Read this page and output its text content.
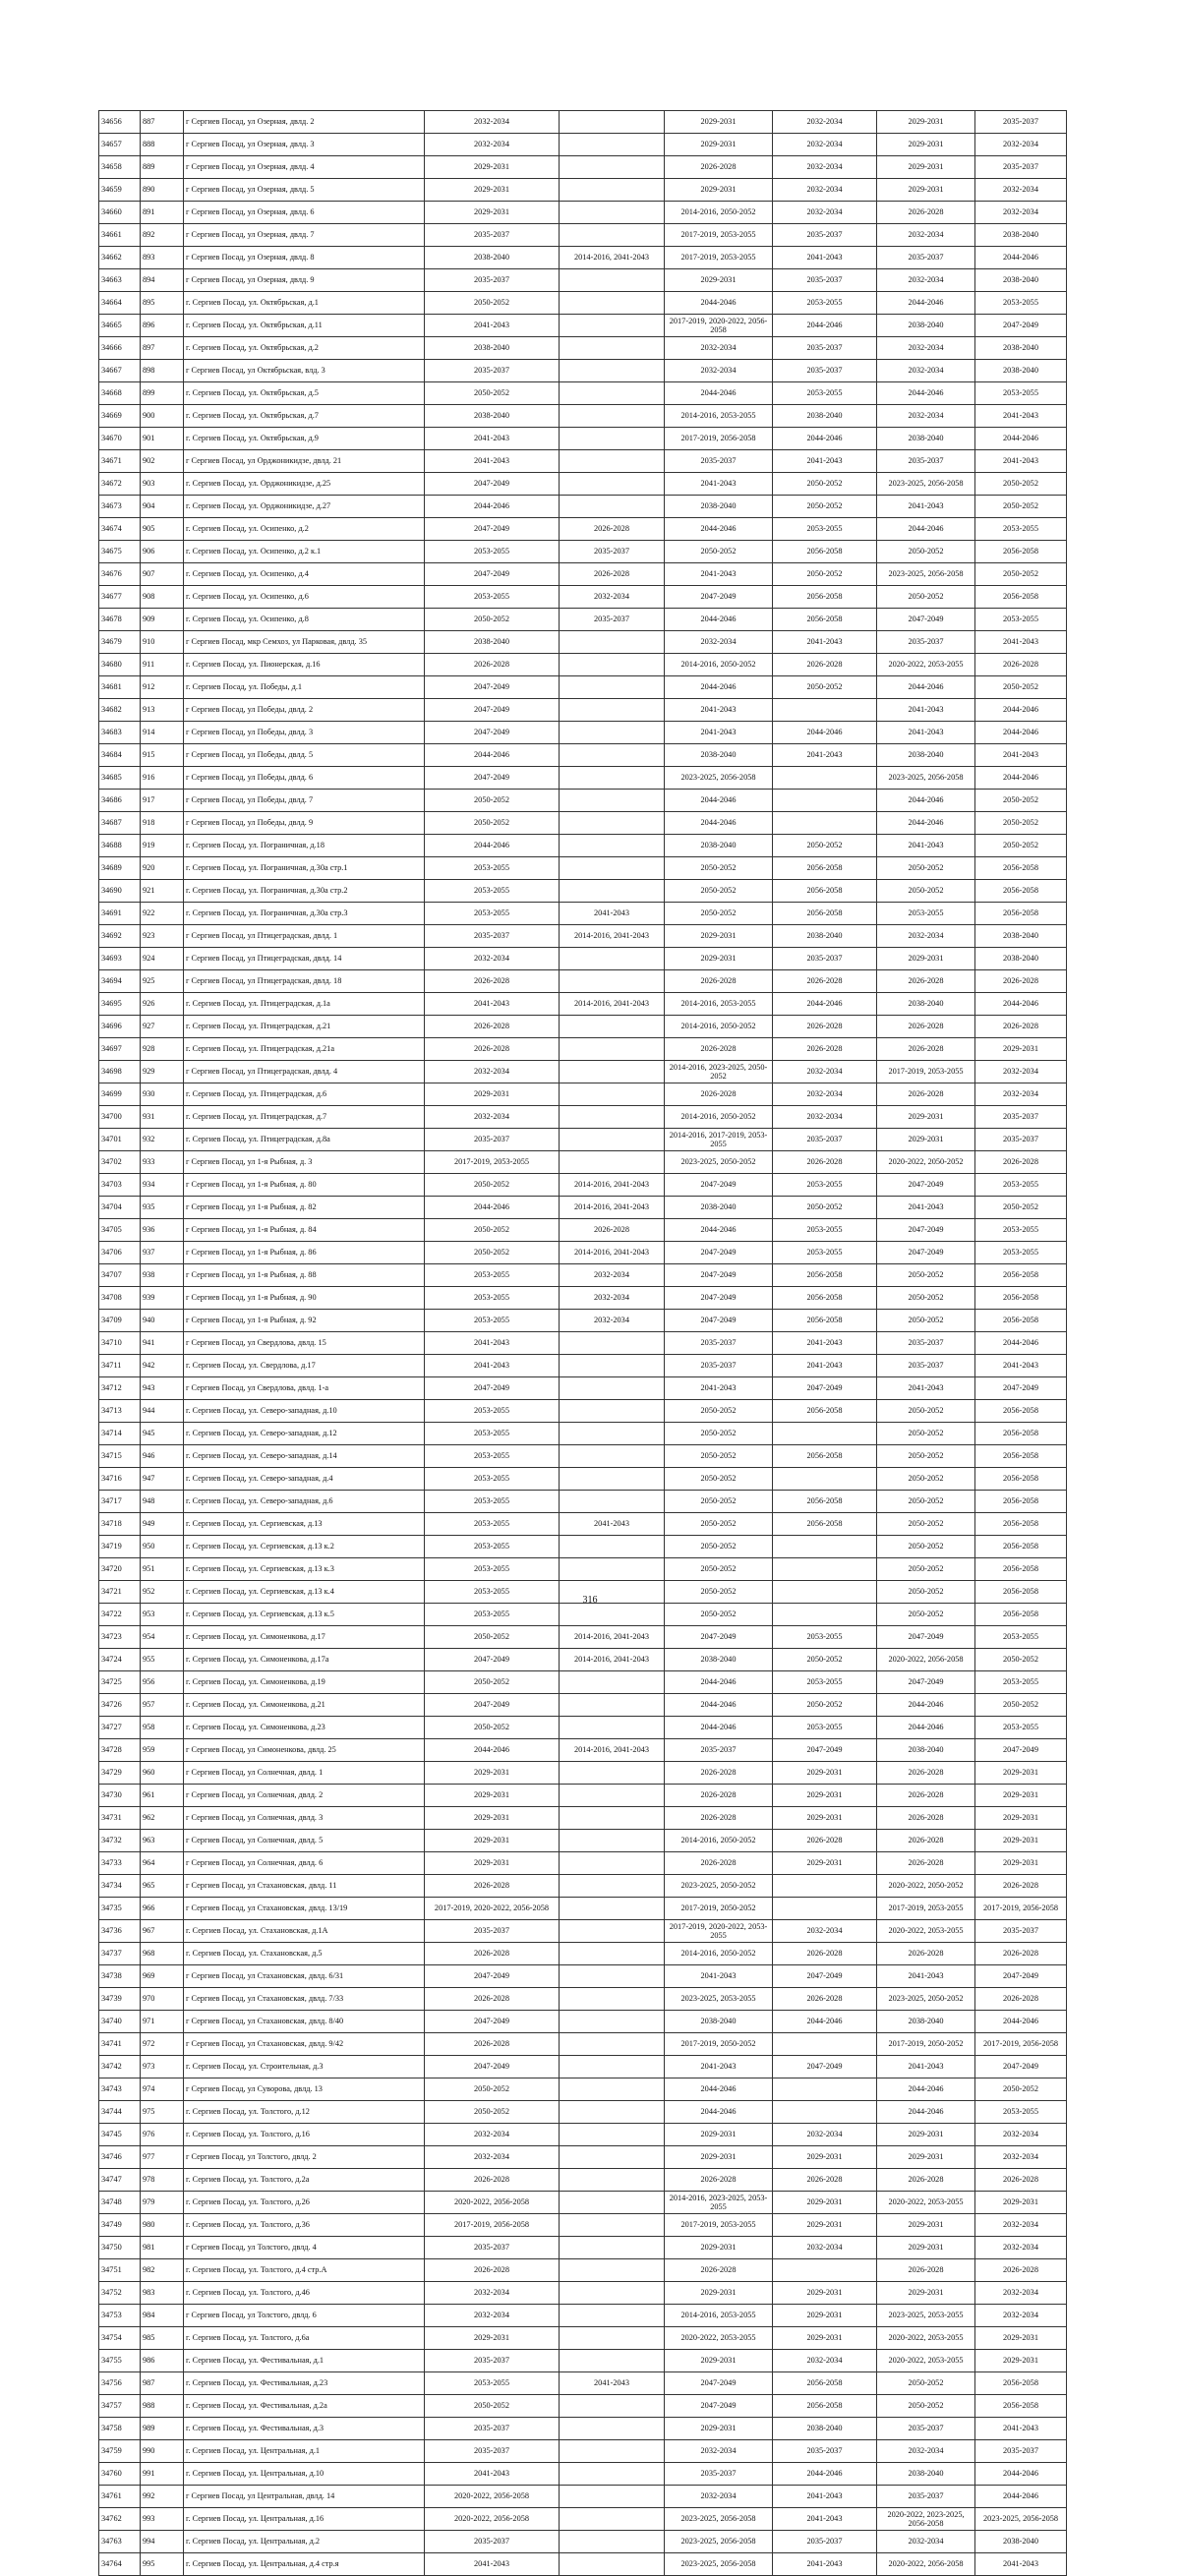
34656	887	г Сергиев Посад, ул Озерная, двлд. 2	2032-2034		2029-2031	2032-2034	2029-2031	2035-2037
34657	888	г Сергиев Посад, ул Озерная, двлд. 3	2032-2034		2029-2031	2032-2034	2029-2031	2032-2034
34658	889	г Сергиев Посад, ул Озерная, двлд. 4	2029-2031		2026-2028	2032-2034	2029-2031	2035-2037
34659	890	г Сергиев Посад, ул Озерная, двлд. 5	2029-2031		2029-2031	2032-2034	2029-2031	2032-2034
34660	891	г Сергиев Посад, ул Озерная, двлд. 6	2029-2031		2014-2016, 2050-2052	2032-2034	2026-2028	2032-2034
34661	892	г Сергиев Посад, ул Озерная, двлд. 7	2035-2037		2017-2019, 2053-2055	2035-2037	2032-2034	2038-2040
34662	893	г Сергиев Посад, ул Озерная, двлд. 8	2038-2040	2014-2016, 2041-2043	2017-2019, 2053-2055	2041-2043	2035-2037	2044-2046
34663	894	г Сергиев Посад, ул Озерная, двлд. 9	2035-2037		2029-2031	2035-2037	2032-2034	2038-2040
34664	895	г. Сергиев Посад, ул. Октябрьская, д.1	2050-2052		2044-2046	2053-2055	2044-2046	2053-2055
34665	896	г. Сергиев Посад, ул. Октябрьская, д.11	2041-2043		2017-2019, 2020-2022, 2056-2058	2044-2046	2038-2040	2047-2049
34666	897	г. Сергиев Посад, ул. Октябрьская, д.2	2038-2040		2032-2034	2035-2037	2032-2034	2038-2040
34667	898	г Сергиев Посад, ул Октябрьская, влд. 3	2035-2037		2032-2034	2035-2037	2032-2034	2038-2040
34668	899	г. Сергиев Посад, ул. Октябрьская, д.5	2050-2052		2044-2046	2053-2055	2044-2046	2053-2055
34669	900	г. Сергиев Посад, ул. Октябрьская, д.7	2038-2040		2014-2016, 2053-2055	2038-2040	2032-2034	2041-2043
34670	901	г. Сергиев Посад, ул. Октябрьская, д.9	2041-2043		2017-2019, 2056-2058	2044-2046	2038-2040	2044-2046
34671	902	г Сергиев Посад, ул Орджоникидзе, двлд. 21	2041-2043		2035-2037	2041-2043	2035-2037	2041-2043
34672	903	г. Сергиев Посад, ул. Орджоникидзе, д.25	2047-2049		2041-2043	2050-2052	2023-2025, 2056-2058	2050-2052
34673	904	г. Сергиев Посад, ул. Орджоникидзе, д.27	2044-2046		2038-2040	2050-2052	2041-2043	2050-2052
34674	905	г. Сергиев Посад, ул. Осипенко, д.2	2047-2049	2026-2028	2044-2046	2053-2055	2044-2046	2053-2055
34675	906	г. Сергиев Посад, ул. Осипенко, д.2 к.1	2053-2055	2035-2037	2050-2052	2056-2058	2050-2052	2056-2058
34676	907	г. Сергиев Посад, ул. Осипенко, д.4	2047-2049	2026-2028	2041-2043	2050-2052	2023-2025, 2056-2058	2050-2052
34677	908	г. Сергиев Посад, ул. Осипенко, д.6	2053-2055	2032-2034	2047-2049	2056-2058	2050-2052	2056-2058
34678	909	г. Сергиев Посад, ул. Осипенко, д.8	2050-2052	2035-2037	2044-2046	2056-2058	2047-2049	2053-2055
34679	910	г Сергиев Посад, мкр Семхоз, ул Парковая, двлд. 35	2038-2040		2032-2034	2041-2043	2035-2037	2041-2043
34680	911	г. Сергиев Посад, ул. Пионерская, д.16	2026-2028		2014-2016, 2050-2052	2026-2028	2020-2022, 2053-2055	2026-2028
34681	912	г. Сергиев Посад, ул. Победы, д.1	2047-2049		2044-2046	2050-2052	2044-2046	2050-2052
34682	913	г Сергиев Посад, ул Победы, двлд. 2	2047-2049		2041-2043		2041-2043	2044-2046
34683	914	г Сергиев Посад, ул Победы, двлд. 3	2047-2049		2041-2043	2044-2046	2041-2043	2044-2046
34684	915	г Сергиев Посад, ул Победы, двлд. 5	2044-2046		2038-2040	2041-2043	2038-2040	2041-2043
34685	916	г Сергиев Посад, ул Победы, двлд. 6	2047-2049		2023-2025, 2056-2058		2023-2025, 2056-2058	2044-2046
34686	917	г Сергиев Посад, ул Победы, двлд. 7	2050-2052		2044-2046		2044-2046	2050-2052
34687	918	г Сергиев Посад, ул Победы, двлд. 9	2050-2052		2044-2046		2044-2046	2050-2052
34688	919	г. Сергиев Посад, ул. Пограничная, д.18	2044-2046		2038-2040	2050-2052	2041-2043	2050-2052
34689	920	г. Сергиев Посад, ул. Пограничная, д.30а стр.1	2053-2055		2050-2052	2056-2058	2050-2052	2056-2058
34690	921	г. Сергиев Посад, ул. Пограничная, д.30а стр.2	2053-2055		2050-2052	2056-2058	2050-2052	2056-2058
34691	922	г. Сергиев Посад, ул. Пограничная, д.30а стр.3	2053-2055	2041-2043	2050-2052	2056-2058	2053-2055	2056-2058
34692	923	г Сергиев Посад, ул Птицеградская, двлд. 1	2035-2037	2014-2016, 2041-2043	2029-2031	2038-2040	2032-2034	2038-2040
34693	924	г Сергиев Посад, ул Птицеградская, двлд. 14	2032-2034		2029-2031	2035-2037	2029-2031	2038-2040
34694	925	г Сергиев Посад, ул Птицеградская, двлд. 18	2026-2028		2026-2028	2026-2028	2026-2028	2026-2028
34695	926	г. Сергиев Посад, ул. Птицеградская, д.1а	2041-2043	2014-2016, 2041-2043	2014-2016, 2053-2055	2044-2046	2038-2040	2044-2046
34696	927	г. Сергиев Посад, ул. Птицеградская, д.21	2026-2028		2014-2016, 2050-2052	2026-2028	2026-2028	2026-2028
34697	928	г. Сергиев Посад, ул. Птицеградская, д.21а	2026-2028		2026-2028	2026-2028	2026-2028	2029-2031
34698	929	г Сергиев Посад, ул Птицеградская, двлд. 4	2032-2034		2014-2016, 2023-2025, 2050-2052	2032-2034	2017-2019, 2053-2055	2032-2034
34699	930	г. Сергиев Посад, ул. Птицеградская, д.6	2029-2031		2026-2028	2032-2034	2026-2028	2032-2034
34700	931	г. Сергиев Посад, ул. Птицеградская, д.7	2032-2034		2014-2016, 2050-2052	2032-2034	2029-2031	2035-2037
34701	932	г. Сергиев Посад, ул. Птицеградская, д.8а	2035-2037		2014-2016, 2017-2019, 2053-2055	2035-2037	2029-2031	2035-2037
34702	933	г Сергиев Посад, ул 1-я Рыбная, д. 3	2017-2019, 2053-2055		2023-2025, 2050-2052	2026-2028	2020-2022, 2050-2052	2026-2028
34703	934	г Сергиев Посад, ул 1-я Рыбная, д. 80	2050-2052	2014-2016, 2041-2043	2047-2049	2053-2055	2047-2049	2053-2055
34704	935	г Сергиев Посад, ул 1-я Рыбная, д. 82	2044-2046	2014-2016, 2041-2043	2038-2040	2050-2052	2041-2043	2050-2052
34705	936	г Сергиев Посад, ул 1-я Рыбная, д. 84	2050-2052	2026-2028	2044-2046	2053-2055	2047-2049	2053-2055
34706	937	г Сергиев Посад, ул 1-я Рыбная, д. 86	2050-2052	2014-2016, 2041-2043	2047-2049	2053-2055	2047-2049	2053-2055
34707	938	г Сергиев Посад, ул 1-я Рыбная, д. 88	2053-2055	2032-2034	2047-2049	2056-2058	2050-2052	2056-2058
34708	939	г Сергиев Посад, ул 1-я Рыбная, д. 90	2053-2055	2032-2034	2047-2049	2056-2058	2050-2052	2056-2058
34709	940	г Сергиев Посад, ул 1-я Рыбная, д. 92	2053-2055	2032-2034	2047-2049	2056-2058	2050-2052	2056-2058
34710	941	г Сергиев Посад, ул Свердлова, двлд. 15	2041-2043		2035-2037	2041-2043	2035-2037	2044-2046
34711	942	г. Сергиев Посад, ул. Свердлова, д.17	2041-2043		2035-2037	2041-2043	2035-2037	2041-2043
34712	943	г Сергиев Посад, ул Свердлова, двлд. 1-а	2047-2049		2041-2043	2047-2049	2041-2043	2047-2049
34713	944	г. Сергиев Посад, ул. Северо-западная, д.10	2053-2055		2050-2052	2056-2058	2050-2052	2056-2058
34714	945	г. Сергиев Посад, ул. Северо-западная, д.12	2053-2055		2050-2052		2050-2052	2056-2058
34715	946	г. Сергиев Посад, ул. Северо-западная, д.14	2053-2055		2050-2052	2056-2058	2050-2052	2056-2058
34716	947	г. Сергиев Посад, ул. Северо-западная, д.4	2053-2055		2050-2052		2050-2052	2056-2058
34717	948	г. Сергиев Посад, ул. Северо-западная, д.6	2053-2055		2050-2052	2056-2058	2050-2052	2056-2058
34718	949	г. Сергиев Посад, ул. Сергиевская, д.13	2053-2055	2041-2043	2050-2052	2056-2058	2050-2052	2056-2058
34719	950	г. Сергиев Посад, ул. Сергиевская, д.13 к.2	2053-2055		2050-2052		2050-2052	2056-2058
34720	951	г. Сергиев Посад, ул. Сергиевская, д.13 к.3	2053-2055		2050-2052		2050-2052	2056-2058
34721	952	г. Сергиев Посад, ул. Сергиевская, д.13 к.4	2053-2055		2050-2052		2050-2052	2056-2058
34722	953	г. Сергиев Посад, ул. Сергиевская, д.13 к.5	2053-2055		2050-2052		2050-2052	2056-2058
34723	954	г. Сергиев Посад, ул. Симоненкова, д.17	2050-2052	2014-2016, 2041-2043	2047-2049	2053-2055	2047-2049	2053-2055
34724	955	г. Сергиев Посад, ул. Симоненкова, д.17а	2047-2049	2014-2016, 2041-2043	2038-2040	2050-2052	2020-2022, 2056-2058	2050-2052
34725	956	г. Сергиев Посад, ул. Симоненкова, д.19	2050-2052		2044-2046	2053-2055	2047-2049	2053-2055
34726	957	г. Сергиев Посад, ул. Симоненкова, д.21	2047-2049		2044-2046	2050-2052	2044-2046	2050-2052
34727	958	г. Сергиев Посад, ул. Симоненкова, д.23	2050-2052		2044-2046	2053-2055	2044-2046	2053-2055
34728	959	г Сергиев Посад, ул Симоненкова, двлд. 25	2044-2046	2014-2016, 2041-2043	2035-2037	2047-2049	2038-2040	2047-2049
34729	960	г Сергиев Посад, ул Солнечная, двлд. 1	2029-2031		2026-2028	2029-2031	2026-2028	2029-2031
34730	961	г Сергиев Посад, ул Солнечная, двлд. 2	2029-2031		2026-2028	2029-2031	2026-2028	2029-2031
34731	962	г Сергиев Посад, ул Солнечная, двлд. 3	2029-2031		2026-2028	2029-2031	2026-2028	2029-2031
34732	963	г Сергиев Посад, ул Солнечная, двлд. 5	2029-2031		2014-2016, 2050-2052	2026-2028	2026-2028	2029-2031
34733	964	г Сергиев Посад, ул Солнечная, двлд. 6	2029-2031		2026-2028	2029-2031	2026-2028	2029-2031
34734	965	г Сергиев Посад, ул Стахановская, двлд. 11	2026-2028		2023-2025, 2050-2052		2020-2022, 2050-2052	2026-2028
34735	966	г Сергиев Посад, ул Стахановская, двлд. 13/19	2017-2019, 2020-2022, 2056-2058		2017-2019, 2050-2052		2017-2019, 2053-2055	2017-2019, 2056-2058
34736	967	г. Сергиев Посад, ул. Стахановская, д.1А	2035-2037		2017-2019, 2020-2022, 2053-2055	2032-2034	2020-2022, 2053-2055	2035-2037
34737	968	г. Сергиев Посад, ул. Стахановская, д.5	2026-2028		2014-2016, 2050-2052	2026-2028	2026-2028	2026-2028
34738	969	г Сергиев Посад, ул Стахановская, двлд. 6/31	2047-2049		2041-2043	2047-2049	2041-2043	2047-2049
34739	970	г Сергиев Посад, ул Стахановская, двлд. 7/33	2026-2028		2023-2025, 2053-2055	2026-2028	2023-2025, 2050-2052	2026-2028
34740	971	г Сергиев Посад, ул Стахановская, двлд. 8/40	2047-2049		2038-2040	2044-2046	2038-2040	2044-2046
34741	972	г Сергиев Посад, ул Стахановская, двлд. 9/42	2026-2028		2017-2019, 2050-2052		2017-2019, 2050-2052	2017-2019, 2056-2058
34742	973	г. Сергиев Посад, ул. Строительная, д.3	2047-2049		2041-2043	2047-2049	2041-2043	2047-2049
34743	974	г Сергиев Посад, ул Суворова, двлд. 13	2050-2052		2044-2046		2044-2046	2050-2052
34744	975	г. Сергиев Посад, ул. Толстого, д.12	2050-2052		2044-2046		2044-2046	2053-2055
34745	976	г. Сергиев Посад, ул. Толстого, д.16	2032-2034		2029-2031	2032-2034	2029-2031	2032-2034
34746	977	г Сергиев Посад, ул Толстого, двлд. 2	2032-2034		2029-2031	2029-2031	2029-2031	2032-2034
34747	978	г. Сергиев Посад, ул. Толстого, д.2а	2026-2028		2026-2028	2026-2028	2026-2028	2026-2028
34748	979	г. Сергиев Посад, ул. Толстого, д.26	2020-2022, 2056-2058		2014-2016, 2023-2025, 2053-2055	2029-2031	2020-2022, 2053-2055	2029-2031
34749	980	г. Сергиев Посад, ул. Толстого, д.36	2017-2019, 2056-2058		2017-2019, 2053-2055	2029-2031	2029-2031	2032-2034
34750	981	г Сергиев Посад, ул Толстого, двлд. 4	2035-2037		2029-2031	2032-2034	2029-2031	2032-2034
34751	982	г. Сергиев Посад, ул. Толстого, д.4 стр.А	2026-2028		2026-2028		2026-2028	2026-2028
34752	983	г. Сергиев Посад, ул. Толстого, д.46	2032-2034		2029-2031	2029-2031	2029-2031	2032-2034
34753	984	г Сергиев Посад, ул Толстого, двлд. 6	2032-2034		2014-2016, 2053-2055	2029-2031	2023-2025, 2053-2055	2032-2034
34754	985	г. Сергиев Посад, ул. Толстого, д.6а	2029-2031		2020-2022, 2053-2055	2029-2031	2020-2022, 2053-2055	2029-2031
34755	986	г. Сергиев Посад, ул. Фестивальная, д.1	2035-2037		2029-2031	2032-2034	2020-2022, 2053-2055	2029-2031
34756	987	г. Сергиев Посад, ул. Фестивальная, д.23	2053-2055	2041-2043	2047-2049	2056-2058	2050-2052	2056-2058
34757	988	г. Сергиев Посад, ул. Фестивальная, д.2а	2050-2052		2047-2049	2056-2058	2050-2052	2056-2058
34758	989	г. Сергиев Посад, ул. Фестивальная, д.3	2035-2037		2029-2031	2038-2040	2035-2037	2041-2043
34759	990	г. Сергиев Посад, ул. Центральная, д.1	2035-2037		2032-2034	2035-2037	2032-2034	2035-2037
34760	991	г. Сергиев Посад, ул. Центральная, д.10	2041-2043		2035-2037	2044-2046	2038-2040	2044-2046
34761	992	г Сергиев Посад, ул Центральная, двлд. 14	2020-2022, 2056-2058		2032-2034	2041-2043	2035-2037	2044-2046
34762	993	г. Сергиев Посад, ул. Центральная, д.16	2020-2022, 2056-2058		2023-2025, 2056-2058	2041-2043	2020-2022, 2023-2025, 2056-2058	2023-2025, 2056-2058
34763	994	г. Сергиев Посад, ул. Центральная, д.2	2035-2037		2023-2025, 2056-2058	2035-2037	2032-2034	2038-2040
34764	995	г. Сергиев Посад, ул. Центральная, д.4 стр.я	2041-2043		2023-2025, 2056-2058	2041-2043	2020-2022, 2056-2058	2041-2043
316
